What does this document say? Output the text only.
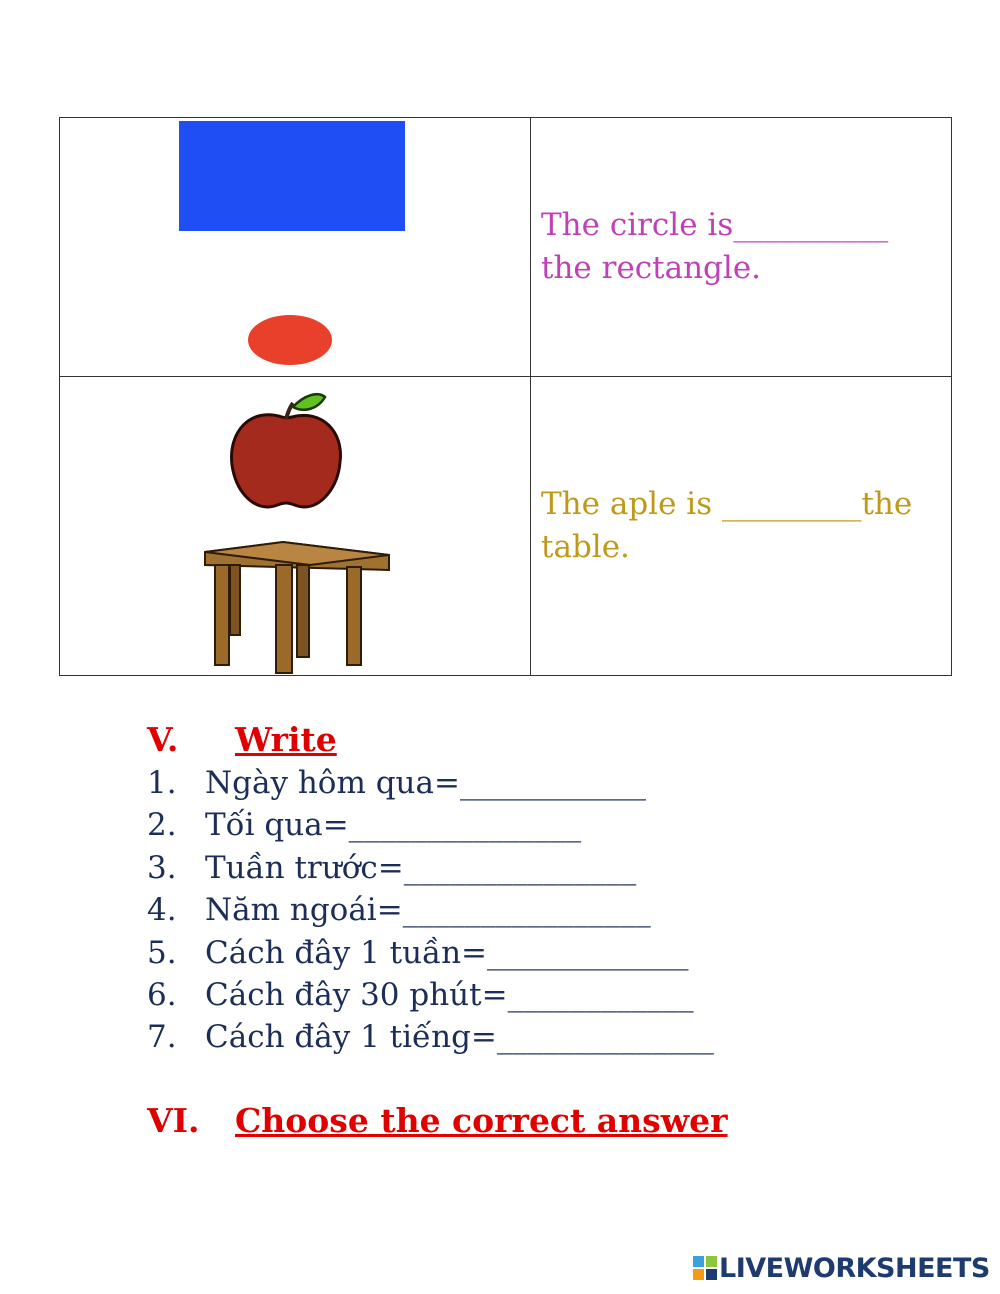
The circle is__________
the rectangle.

The aple is _________the
table.
V. Write
1. Ngày hôm qua=____________
2. Tối qua=_______________
3. Tuần trước=_______________
4. Năm ngoái=________________
5. Cách đây 1 tuần=_____________
6. Cách đây 30 phút=____________
7. Cách đây 1 tiếng=______________
VI. Choose the correct answer
LIVEWORKSHEETS
